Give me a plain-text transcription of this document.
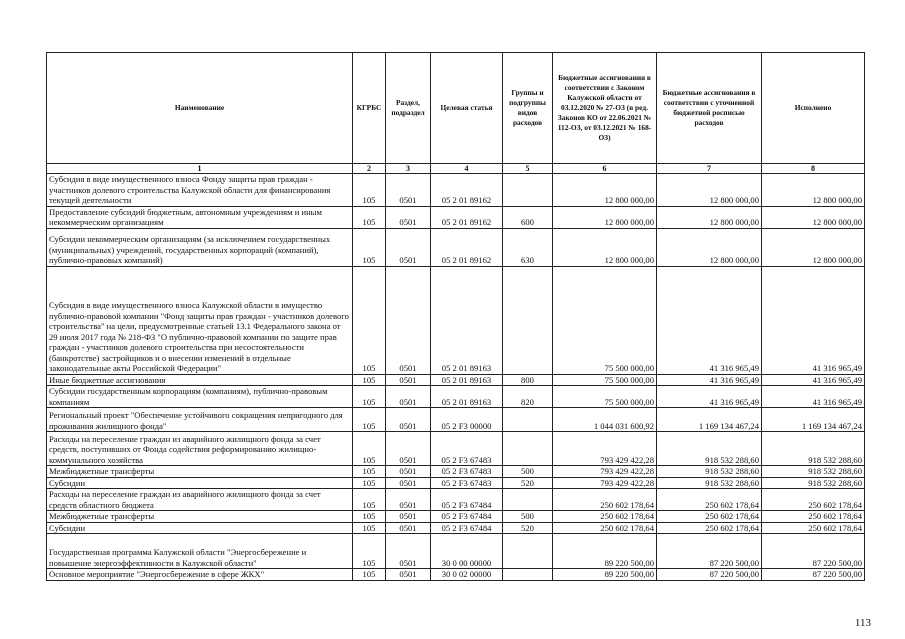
Наименование	КГРБС	Раздел, подраздел	Целевая статья	Группы и подгруппы видов расходов	Бюджетные ассигнования в соответствии с Законом Калужской области от 03.12.2020 № 27-ОЗ (в ред. Законов КО от 22.06.2021 № 112-ОЗ, от 03.12.2021 № 168-ОЗ)	Бюджетные ассигнования в соответствии с уточненной бюджетной росписью расходов	Исполнено
1	2	3	4	5	6	7	8
Субсидия в виде имущественного взноса Фонду защиты прав граждан - участников долевого строительства Калужской области для финансирования текущей деятельности	105	0501	05 2 01 89162		12 800 000,00	12 800 000,00	12 800 000,00
Предоставление субсидий бюджетным, автономным учреждениям и иным некоммерческим организациям	105	0501	05 2 01 89162	600	12 800 000,00	12 800 000,00	12 800 000,00
Субсидии некоммерческим организациям (за исключением государственных (муниципальных) учреждений, государственных корпораций (компаний), публично-правовых компаний)	105	0501	05 2 01 89162	630	12 800 000,00	12 800 000,00	12 800 000,00
Субсидия в виде имущественного взноса Калужской области в имущество публично-правовой компании "Фонд защиты прав граждан - участников долевого строительства" на цели, предусмотренные статьей 13.1 Федерального закона от 29 июля 2017 года № 218-ФЗ "О публично-правовой компании по защите прав граждан - участников долевого строительства при несостоятельности (банкротстве) застройщиков и о внесении изменений в отдельные законодательные акты Российской Федерации"	105	0501	05 2 01 89163		75 500 000,00	41 316 965,49	41 316 965,49
Иные бюджетные ассигнования	105	0501	05 2 01 89163	800	75 500 000,00	41 316 965,49	41 316 965,49
Субсидии государственным корпорациям (компаниям), публично-правовым компаниям	105	0501	05 2 01 89163	820	75 500 000,00	41 316 965,49	41 316 965,49
Региональный проект "Обеспечение устойчивого сокращения непригодного для проживания жилищного фонда"	105	0501	05 2 F3 00000		1 044 031 600,92	1 169 134 467,24	1 169 134 467,24
Расходы на переселение граждан из аварийного жилищного фонда за счет средств, поступивших от Фонда содействия реформированию жилищно-коммунального хозяйства	105	0501	05 2 F3 67483		793 429 422,28	918 532 288,60	918 532 288,60
Межбюджетные трансферты	105	0501	05 2 F3 67483	500	793 429 422,28	918 532 288,60	918 532 288,60
Субсидии	105	0501	05 2 F3 67483	520	793 429 422,28	918 532 288,60	918 532 288,60
Расходы на переселение граждан из аварийного жилищного фонда за счет средств областного бюджета	105	0501	05 2 F3 67484		250 602 178,64	250 602 178,64	250 602 178,64
Межбюджетные трансферты	105	0501	05 2 F3 67484	500	250 602 178,64	250 602 178,64	250 602 178,64
Субсидии	105	0501	05 2 F3 67484	520	250 602 178,64	250 602 178,64	250 602 178,64
Государственная программа Калужской области "Энергосбережение и повышение энергоэффективности в Калужской области"	105	0501	30 0 00 00000		89 220 500,00	87 220 500,00	87 220 500,00
Основное мероприятие "Энергосбережение в сфере ЖКХ"	105	0501	30 0 02 00000		89 220 500,00	87 220 500,00	87 220 500,00
113
